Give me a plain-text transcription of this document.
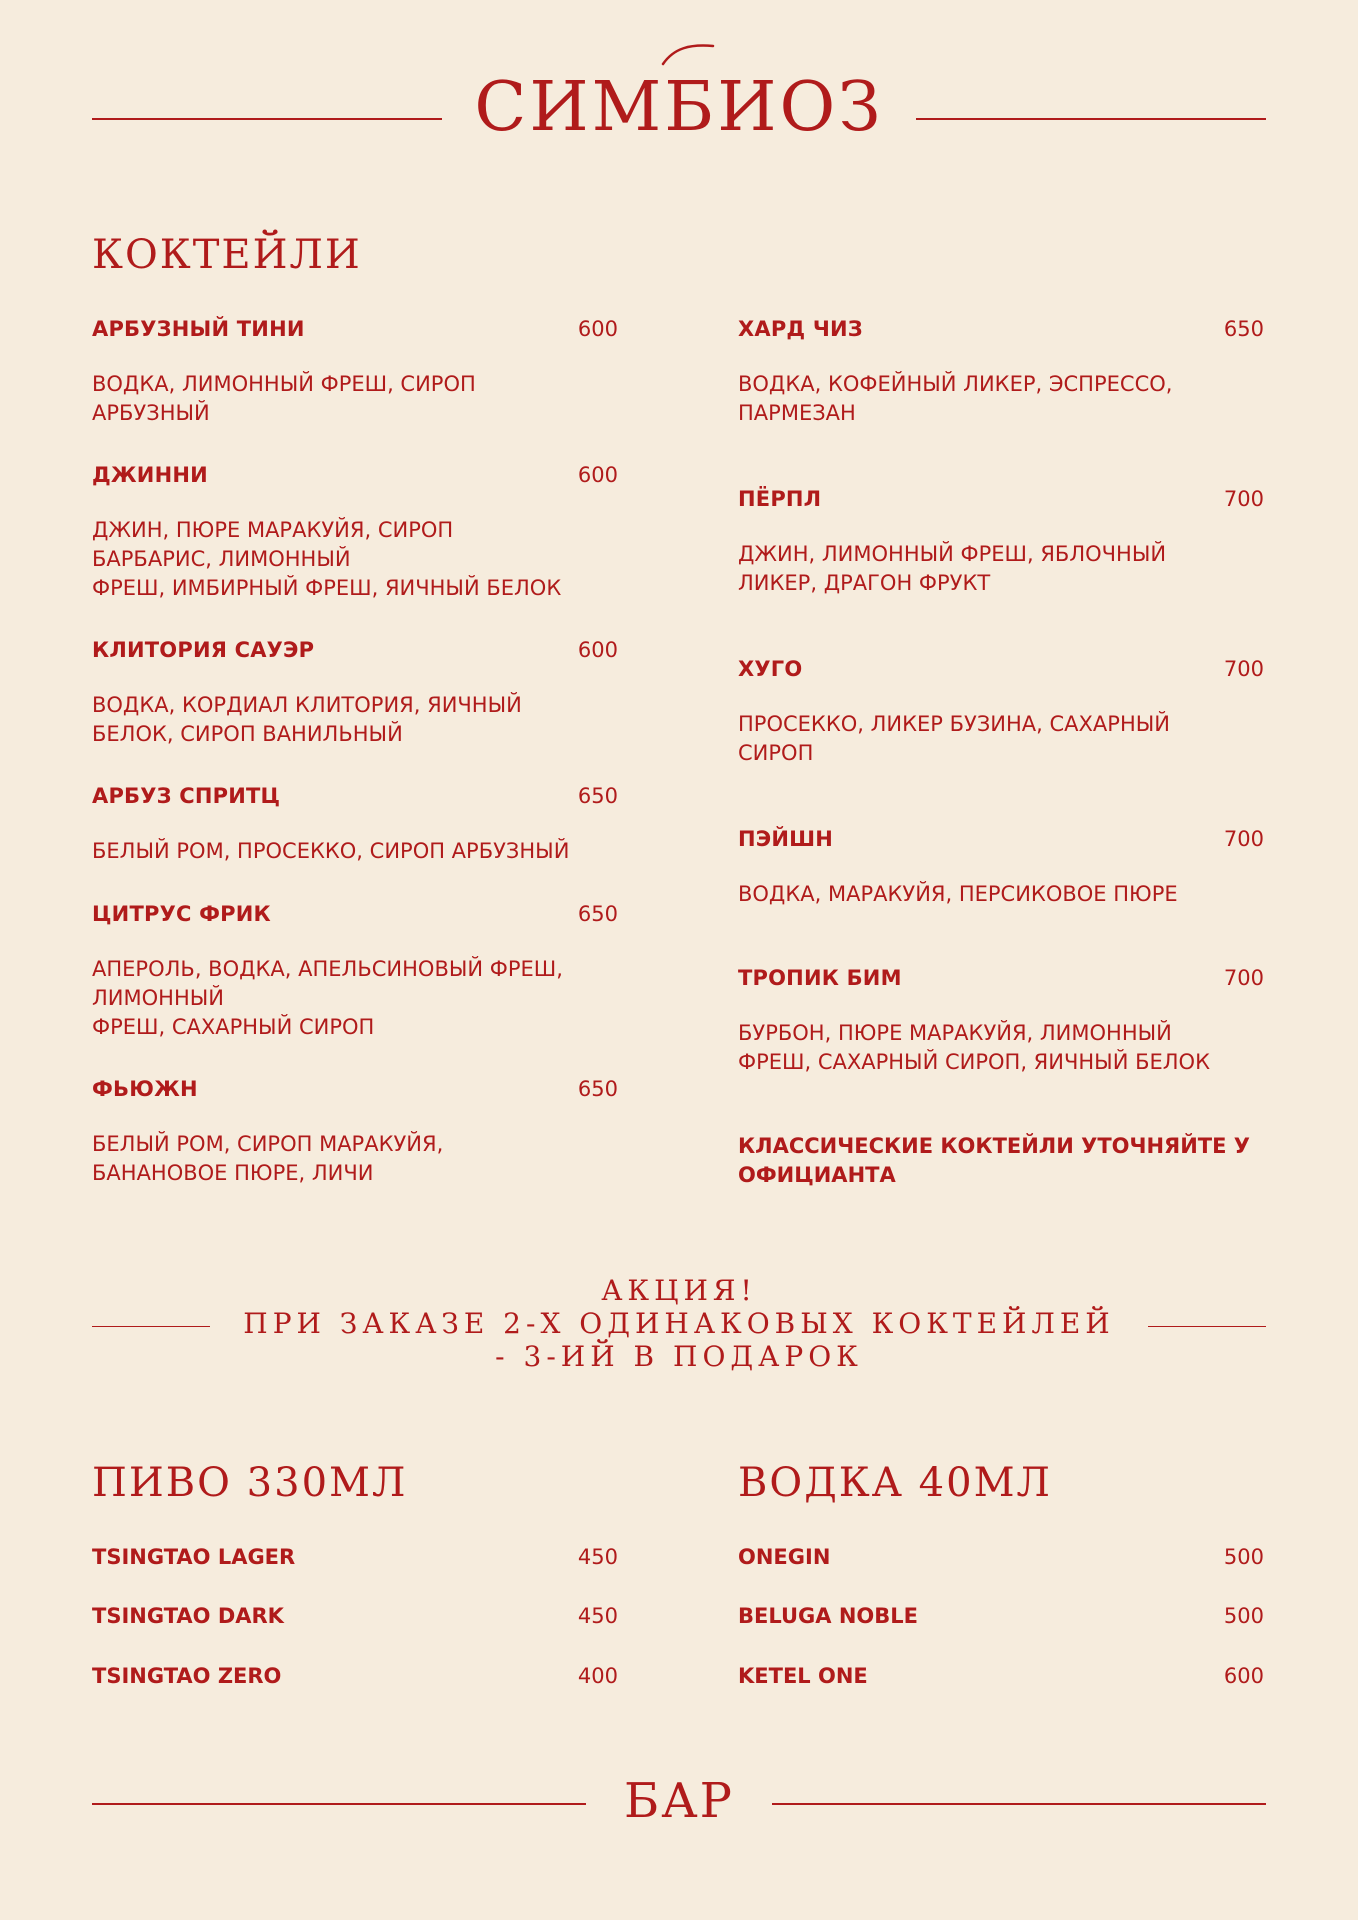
СИМБИОЗ
КОКТЕЙЛИ
АРБУЗНЫЙ ТИНИ	600
ВОДКА, ЛИМОННЫЙ ФРЕШ, СИРОП
АРБУЗНЫЙ
ДЖИННИ	600
ДЖИН, ПЮРЕ МАРАКУЙЯ, СИРОП
БАРБАРИС, ЛИМОННЫЙ
ФРЕШ, ИМБИРНЫЙ ФРЕШ, ЯИЧНЫЙ БЕЛОК
КЛИТОРИЯ САУЭР	600
ВОДКА, КОРДИАЛ КЛИТОРИЯ, ЯИЧНЫЙ
БЕЛОК, СИРОП ВАНИЛЬНЫЙ
АРБУЗ СПРИТЦ	650
БЕЛЫЙ РОМ, ПРОСЕККО, СИРОП АРБУЗНЫЙ
ЦИТРУС ФРИК	650
АПЕРОЛЬ, ВОДКА, АПЕЛЬСИНОВЫЙ ФРЕШ,
ЛИМОННЫЙ
ФРЕШ, САХАРНЫЙ СИРОП
ФЬЮЖН	650
БЕЛЫЙ РОМ, СИРОП МАРАКУЙЯ,
БАНАНОВОЕ ПЮРЕ, ЛИЧИ
ХАРД ЧИЗ	650
ВОДКА, КОФЕЙНЫЙ ЛИКЕР, ЭСПРЕССО,
ПАРМЕЗАН
ПЁРПЛ	700
ДЖИН, ЛИМОННЫЙ ФРЕШ, ЯБЛОЧНЫЙ
ЛИКЕР, ДРАГОН ФРУКТ
ХУГО	700
ПРОСЕККО, ЛИКЕР БУЗИНА, САХАРНЫЙ
СИРОП
ПЭЙШН	700
ВОДКА, МАРАКУЙЯ, ПЕРСИКОВОЕ ПЮРЕ
ТРОПИК БИМ	700
БУРБОН, ПЮРЕ МАРАКУЙЯ, ЛИМОННЫЙ
ФРЕШ, САХАРНЫЙ СИРОП, ЯИЧНЫЙ БЕЛОК
КЛАССИЧЕСКИЕ КОКТЕЙЛИ УТОЧНЯЙТЕ У
ОФИЦИАНТА
АКЦИЯ!
ПРИ ЗАКАЗЕ 2-Х ОДИНАКОВЫХ КОКТЕЙЛЕЙ
- 3-ИЙ В ПОДАРОК
ПИВО 330МЛ
TSINGTAO LAGER	450
TSINGTAO DARK	450
TSINGTAO ZERO	400
ВОДКА 40МЛ
ONEGIN	500
BELUGA NOBLE	500
KETEL ONE	600
БАР
